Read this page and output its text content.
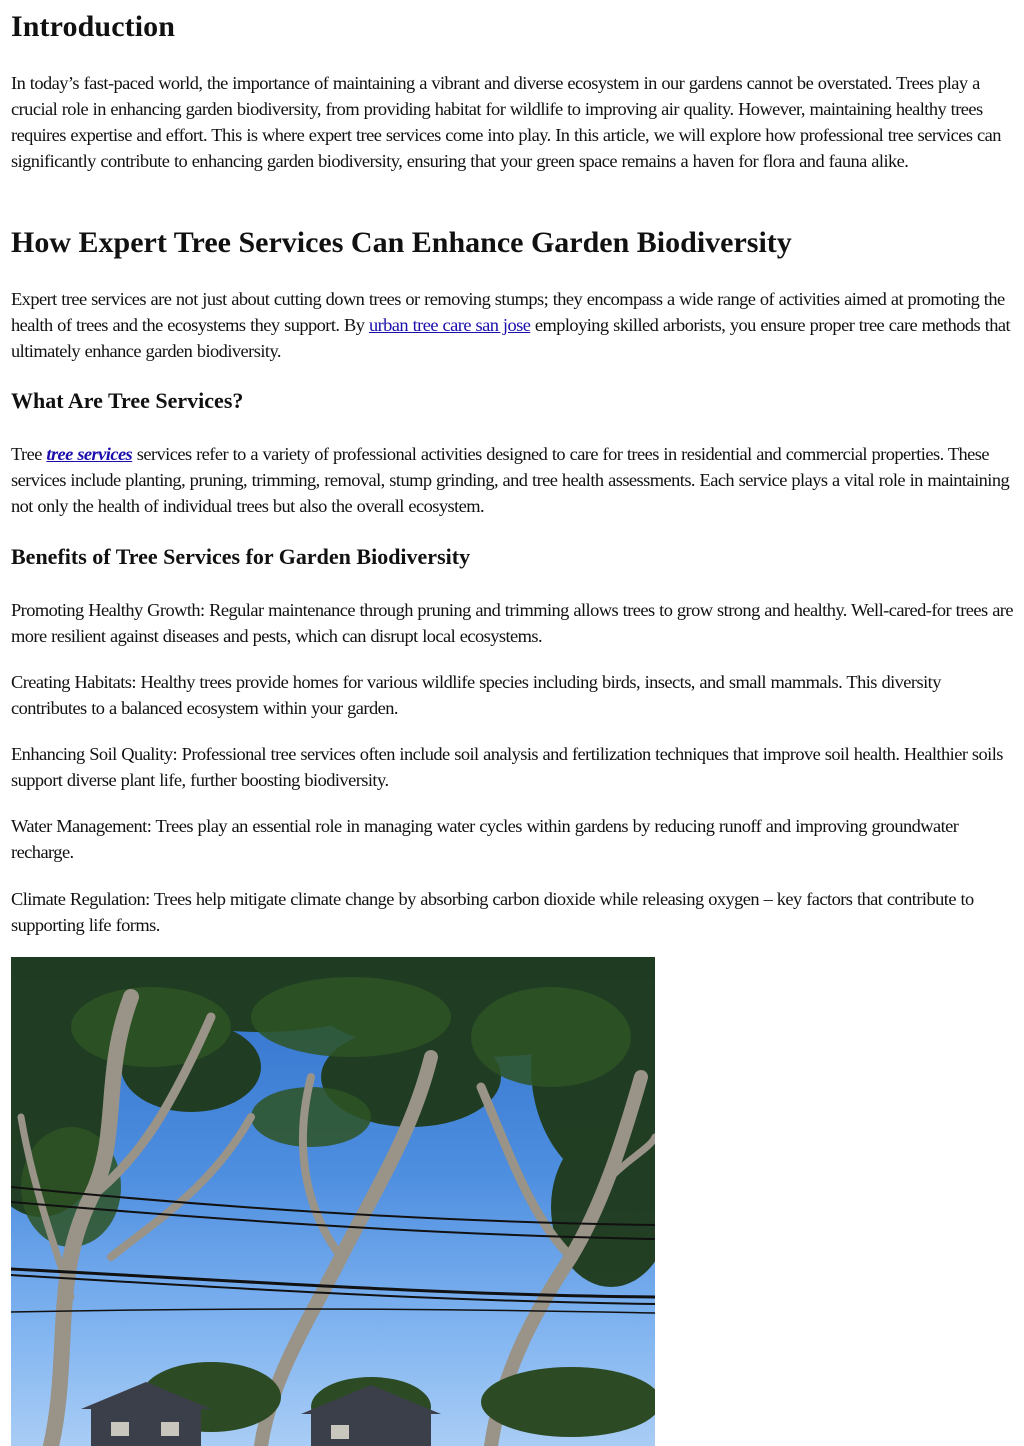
Introduction

In today’s fast-paced world, the importance of maintaining a vibrant and diverse ecosystem in our gardens cannot be overstated. Trees play a crucial role in enhancing garden biodiversity, from providing habitat for wildlife to improving air quality. However, maintaining healthy trees requires expertise and effort. This is where expert tree services come into play. In this article, we will explore how professional tree services can significantly contribute to enhancing garden biodiversity, ensuring that your green space remains a haven for flora and fauna alike.

How Expert Tree Services Can Enhance Garden Biodiversity

Expert tree services are not just about cutting down trees or removing stumps; they encompass a wide range of activities aimed at promoting the health of trees and the ecosystems they support. By urban tree care san jose employing skilled arborists, you ensure proper tree care methods that ultimately enhance garden biodiversity.

What Are Tree Services?

Tree tree services services refer to a variety of professional activities designed to care for trees in residential and commercial properties. These services include planting, pruning, trimming, removal, stump grinding, and tree health assessments. Each service plays a vital role in maintaining not only the health of individual trees but also the overall ecosystem.

Benefits of Tree Services for Garden Biodiversity

Promoting Healthy Growth: Regular maintenance through pruning and trimming allows trees to grow strong and healthy. Well-cared-for trees are more resilient against diseases and pests, which can disrupt local ecosystems.

Creating Habitats: Healthy trees provide homes for various wildlife species including birds, insects, and small mammals. This diversity contributes to a balanced ecosystem within your garden.

Enhancing Soil Quality: Professional tree services often include soil analysis and fertilization techniques that improve soil health. Healthier soils support diverse plant life, further boosting biodiversity.

Water Management: Trees play an essential role in managing water cycles within gardens by reducing runoff and improving groundwater recharge.

Climate Regulation: Trees help mitigate climate change by absorbing carbon dioxide while releasing oxygen – key factors that contribute to supporting life forms.
